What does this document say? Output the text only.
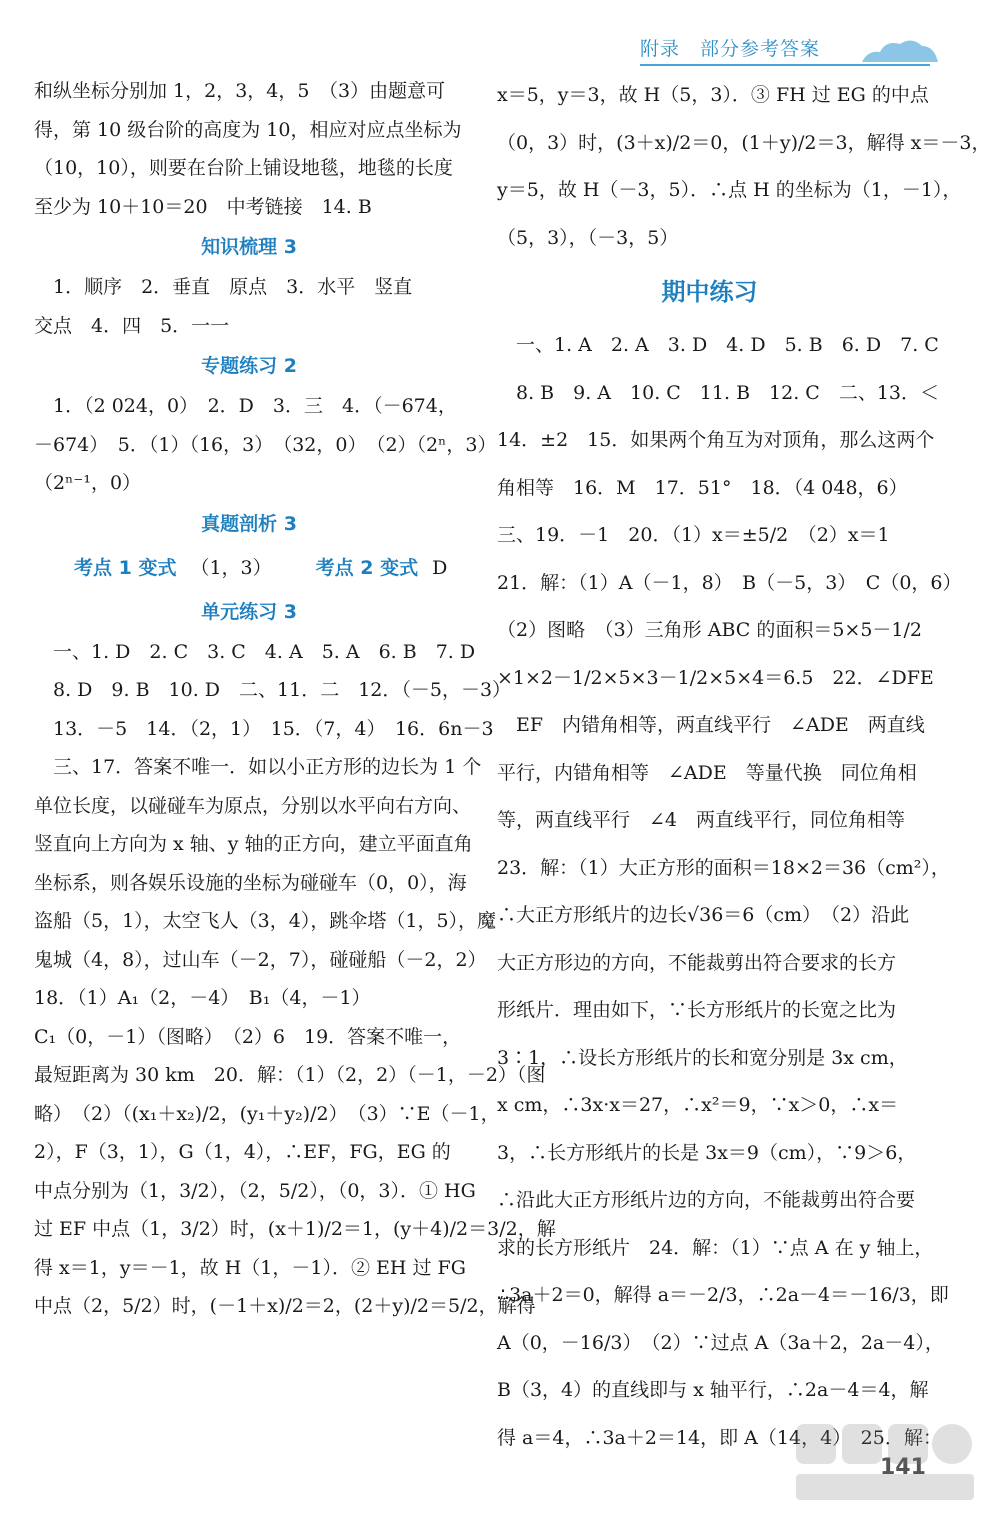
附录　部分参考答案
和纵坐标分别加 1，2，3，4，5　（3）由题意可
得，第 10 级台阶的高度为 10，相应对应点坐标为
（10，10），则要在台阶上铺设地毯，地毯的长度
至少为 10＋10＝20　中考链接　14. B
知识梳理 3
　1．顺序　2．垂直　原点　3．水平　竖直
交点　4．四　5．一一
专题练习 2
　1．（2 024，0）　2．D　3．三　4．（－674，
－674）　5．（1）（16，3）　（32，0）　（2）（2ⁿ，3）
（2ⁿ⁻¹，0）
真题剖析 3
考点 1 变式 （1，3） 考点 2 变式 D
单元练习 3
　一、1. D　2. C　3. C　4. A　5. A　6. B　7. D
　8. D　9. B　10. D　二、11．二　12．（－5，－3）
　13．－5　14．（2，1）　15．（7，4）　16．6n－3
　三、17．答案不唯一．如以小正方形的边长为 1 个
单位长度，以碰碰车为原点，分别以水平向右方向、
竖直向上方向为 x 轴、y 轴的正方向，建立平面直角
坐标系，则各娱乐设施的坐标为碰碰车（0，0），海
盗船（5，1），太空飞人（3，4），跳伞塔（1，5），魔
鬼城（4，8），过山车（－2，7），碰碰船（－2，2）
18．（1）A₁（2，－4）　B₁（4，－1）
C₁（0，－1）（图略）　（2）6　19．答案不唯一，
最短距离为 30 km　20．解：（1）（2，2）（－1，－2）（图
略）　（2）（(x₁＋x₂)/2，(y₁＋y₂)/2）　（3）∵E（－1，
2），F（3，1），G（1，4），∴EF，FG，EG 的
中点分别为（1，3/2），（2，5/2），（0，3）．① HG
过 EF 中点（1，3/2）时，(x＋1)/2＝1，(y＋4)/2＝3/2，解
得 x＝1，y＝－1，故 H（1，－1）．② EH 过 FG
中点（2，5/2）时，(－1＋x)/2＝2，(2＋y)/2＝5/2，解得
x＝5，y＝3，故 H（5，3）．③ FH 过 EG 的中点
（0，3）时，(3＋x)/2＝0，(1＋y)/2＝3，解得 x＝－3，
y＝5，故 H（－3，5）．∴点 H 的坐标为（1，－1），
（5，3），（－3，5）
期中练习
　一、1. A　2. A　3. D　4. D　5. B　6. D　7. C
　8. B　9. A　10. C　11. B　12. C　二、13．＜
14．±2　15．如果两个角互为对顶角，那么这两个
角相等　16．M　17．51°　18．（4 048，6）
三、19．－1　20．（1）x＝±5/2　（2）x＝1
21．解：（1）A（－1，8）　B（－5，3）　C（0，6）
（2）图略　（3）三角形 ABC 的面积＝5×5－1/2
×1×2－1/2×5×3－1/2×5×4＝6.5　22．∠DFE
　EF　内错角相等，两直线平行　∠ADE　两直线
平行，内错角相等　∠ADE　等量代换　同位角相
等，两直线平行　∠4　两直线平行，同位角相等
23．解：（1）大正方形的面积＝18×2＝36（cm²），
∴大正方形纸片的边长√36＝6（cm）　（2）沿此
大正方形边的方向，不能裁剪出符合要求的长方
形纸片．理由如下，∵长方形纸片的长宽之比为
3∶1，∴设长方形纸片的长和宽分别是 3x cm，
x cm，∴3x·x＝27，∴x²＝9，∵x＞0，∴x＝
3，∴长方形纸片的长是 3x＝9（cm），∵9＞6，
∴沿此大正方形纸片边的方向，不能裁剪出符合要
求的长方形纸片　24．解：（1）∵点 A 在 y 轴上，
∴3a＋2＝0，解得 a＝－2/3，∴2a－4＝－16/3，即
A（0，－16/3）　（2）∵过点 A（3a＋2，2a－4），
B（3，4）的直线即与 x 轴平行，∴2a－4＝4，解
得 a＝4，∴3a＋2＝14，即 A（14，4）　25．解：
141
